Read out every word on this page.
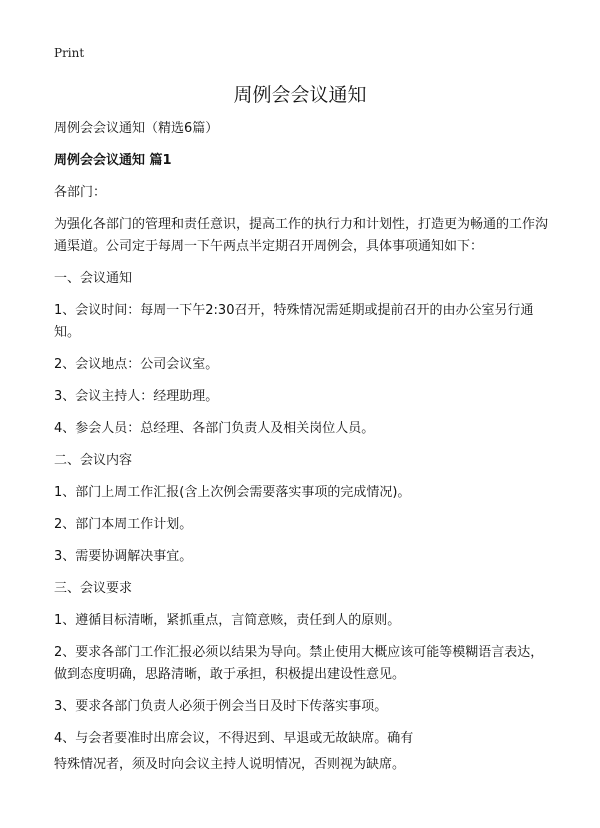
Print
周例会会议通知

周例会会议通知（精选6篇）

周例会会议通知 篇1

各部门：

为强化各部门的管理和责任意识，提高工作的执行力和计划性，打造更为畅通的工作沟通渠道。公司定于每周一下午两点半定期召开周例会，具体事项通知如下：

一、会议通知

1、会议时间：每周一下午2:30召开，特殊情况需延期或提前召开的由办公室另行通知。

2、会议地点：公司会议室。

3、会议主持人：经理助理。

4、参会人员：总经理、各部门负责人及相关岗位人员。

二、会议内容

1、部门上周工作汇报(含上次例会需要落实事项的完成情况)。

2、部门本周工作计划。

3、需要协调解决事宜。

三、会议要求

1、遵循目标清晰，紧抓重点，言简意赅，责任到人的原则。

2、要求各部门工作汇报必须以结果为导向。禁止使用大概应该可能等模糊语言表达，做到态度明确，思路清晰，敢于承担，积极提出建设性意见。

3、要求各部门负责人必须于例会当日及时下传落实事项。

4、与会者要准时出席会议，不得迟到、早退或无故缺席。确有

特殊情况者，须及时向会议主持人说明情况，否则视为缺席。
